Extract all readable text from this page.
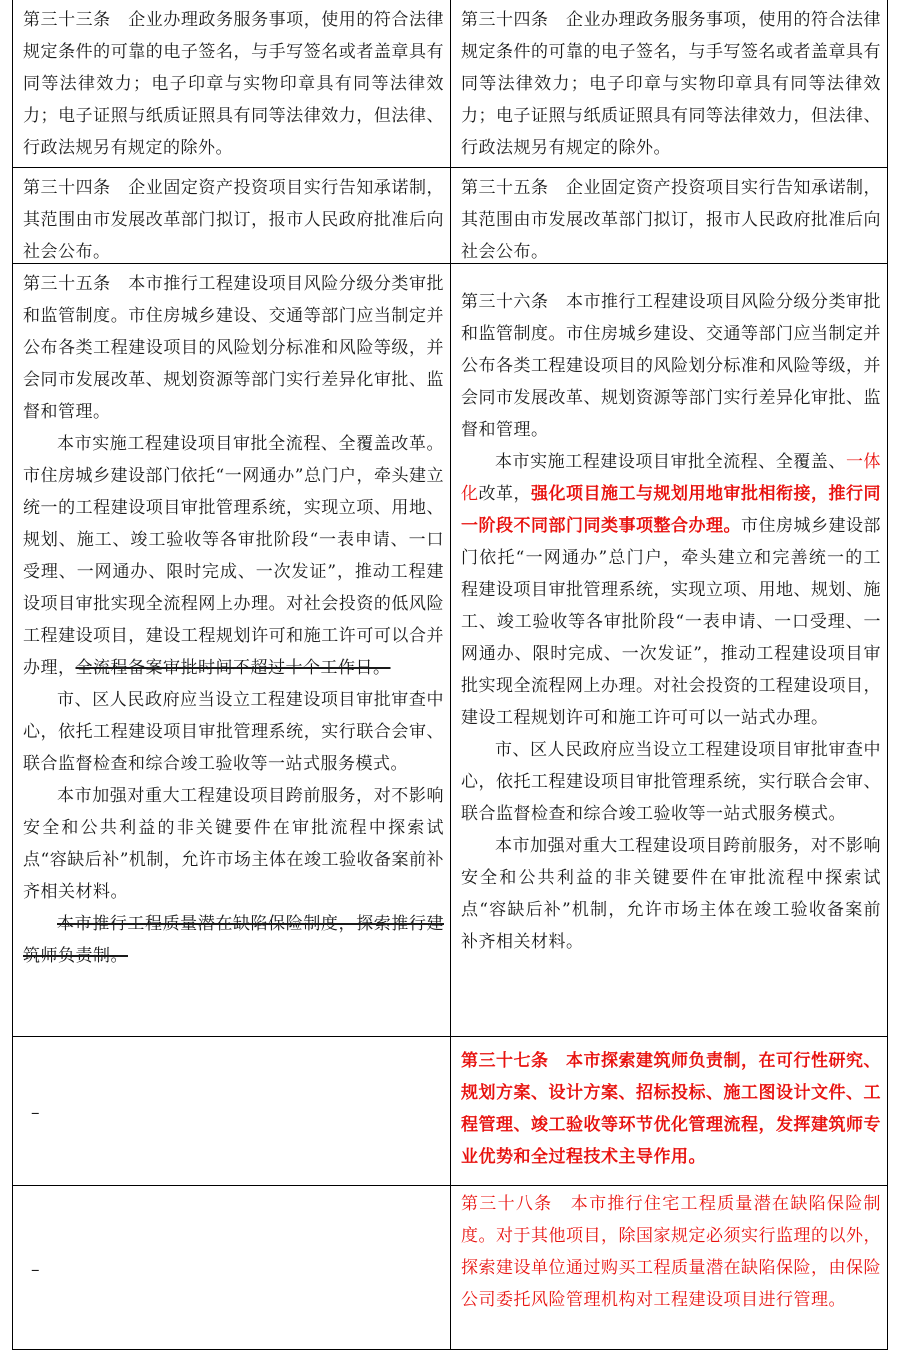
第三十三条　企业办理政务服务事项，使用的符合法律规定条件的可靠的电子签名，与手写签名或者盖章具有同等法律效力；电子印章与实物印章具有同等法律效力；电子证照与纸质证照具有同等法律效力，但法律、行政法规另有规定的除外。

第三十四条　企业办理政务服务事项，使用的符合法律规定条件的可靠的电子签名，与手写签名或者盖章具有同等法律效力；电子印章与实物印章具有同等法律效力；电子证照与纸质证照具有同等法律效力，但法律、行政法规另有规定的除外。

第三十四条　企业固定资产投资项目实行告知承诺制，其范围由市发展改革部门拟订，报市人民政府批准后向社会公布。

第三十五条　企业固定资产投资项目实行告知承诺制，其范围由市发展改革部门拟订，报市人民政府批准后向社会公布。

第三十五条　本市推行工程建设项目风险分级分类审批和监管制度。市住房城乡建设、交通等部门应当制定并公布各类工程建设项目的风险划分标准和风险等级，并会同市发展改革、规划资源等部门实行差异化审批、监督和管理。

本市实施工程建设项目审批全流程、全覆盖改革。市住房城乡建设部门依托“一网通办”总门户，牵头建立统一的工程建设项目审批管理系统，实现立项、用地、规划、施工、竣工验收等各审批阶段“一表申请、一口受理、一网通办、限时完成、一次发证”，推动工程建设项目审批实现全流程网上办理。对社会投资的低风险工程建设项目，建设工程规划许可和施工许可可以合并办理，全流程备案审批时间不超过十个工作日。

市、区人民政府应当设立工程建设项目审批审查中心，依托工程建设项目审批管理系统，实行联合会审、联合监督检查和综合竣工验收等一站式服务模式。

本市加强对重大工程建设项目跨前服务，对不影响安全和公共利益的非关键要件在审批流程中探索试点“容缺后补”机制，允许市场主体在竣工验收备案前补齐相关材料。

本市推行工程质量潜在缺陷保险制度，探索推行建筑师负责制。

第三十六条　本市推行工程建设项目风险分级分类审批和监管制度。市住房城乡建设、交通等部门应当制定并公布各类工程建设项目的风险划分标准和风险等级，并会同市发展改革、规划资源等部门实行差异化审批、监督和管理。

本市实施工程建设项目审批全流程、全覆盖、一体化改革，强化项目施工与规划用地审批相衔接，推行同一阶段不同部门同类事项整合办理。市住房城乡建设部门依托“一网通办”总门户，牵头建立和完善统一的工程建设项目审批管理系统，实现立项、用地、规划、施工、竣工验收等各审批阶段“一表申请、一口受理、一网通办、限时完成、一次发证”，推动工程建设项目审批实现全流程网上办理。对社会投资的工程建设项目，建设工程规划许可和施工许可可以一站式办理。

市、区人民政府应当设立工程建设项目审批审查中心，依托工程建设项目审批管理系统，实行联合会审、联合监督检查和综合竣工验收等一站式服务模式。

本市加强对重大工程建设项目跨前服务，对不影响安全和公共利益的非关键要件在审批流程中探索试点“容缺后补”机制，允许市场主体在竣工验收备案前补齐相关材料。

–

第三十七条　本市探索建筑师负责制，在可行性研究、规划方案、设计方案、招标投标、施工图设计文件、工程管理、竣工验收等环节优化管理流程，发挥建筑师专业优势和全过程技术主导作用。

–

第三十八条　本市推行住宅工程质量潜在缺陷保险制度。对于其他项目，除国家规定必须实行监理的以外，探索建设单位通过购买工程质量潜在缺陷保险，由保险公司委托风险管理机构对工程建设项目进行管理。
